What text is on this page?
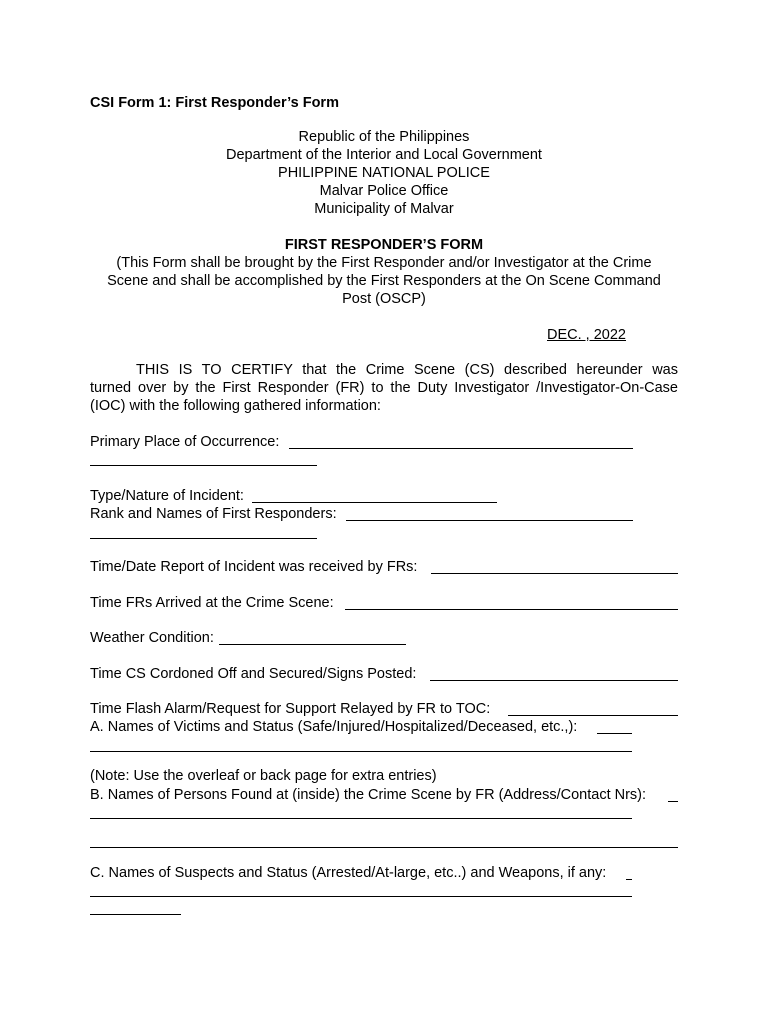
CSI Form 1: First Responder’s Form
Republic of the Philippines
Department of the Interior and Local Government
PHILIPPINE NATIONAL POLICE
Malvar Police Office
Municipality of Malvar
FIRST RESPONDER’S FORM
(This Form shall be brought by the First Responder and/or Investigator at the Crime
Scene and shall be accomplished by the First Responders at the On Scene Command
Post (OSCP)
DEC. , 2022
THIS IS TO CERTIFY that the Crime Scene (CS) described hereunder was
turned over by the First Responder (FR) to the Duty Investigator /Investigator-On-Case
(IOC) with the following gathered information:
Primary Place of Occurrence:
Type/Nature of Incident:
Rank and Names of First Responders:
Time/Date Report of Incident was received by FRs:
Time FRs Arrived at the Crime Scene:
Weather Condition:
Time CS Cordoned Off and Secured/Signs Posted:
Time Flash Alarm/Request for Support Relayed by FR to TOC:
A. Names of Victims and Status (Safe/Injured/Hospitalized/Deceased, etc.,):
(Note: Use the overleaf or back page for extra entries)
B. Names of Persons Found at (inside) the Crime Scene by FR (Address/Contact Nrs):
C. Names of Suspects and Status (Arrested/At-large, etc..) and Weapons, if any:
